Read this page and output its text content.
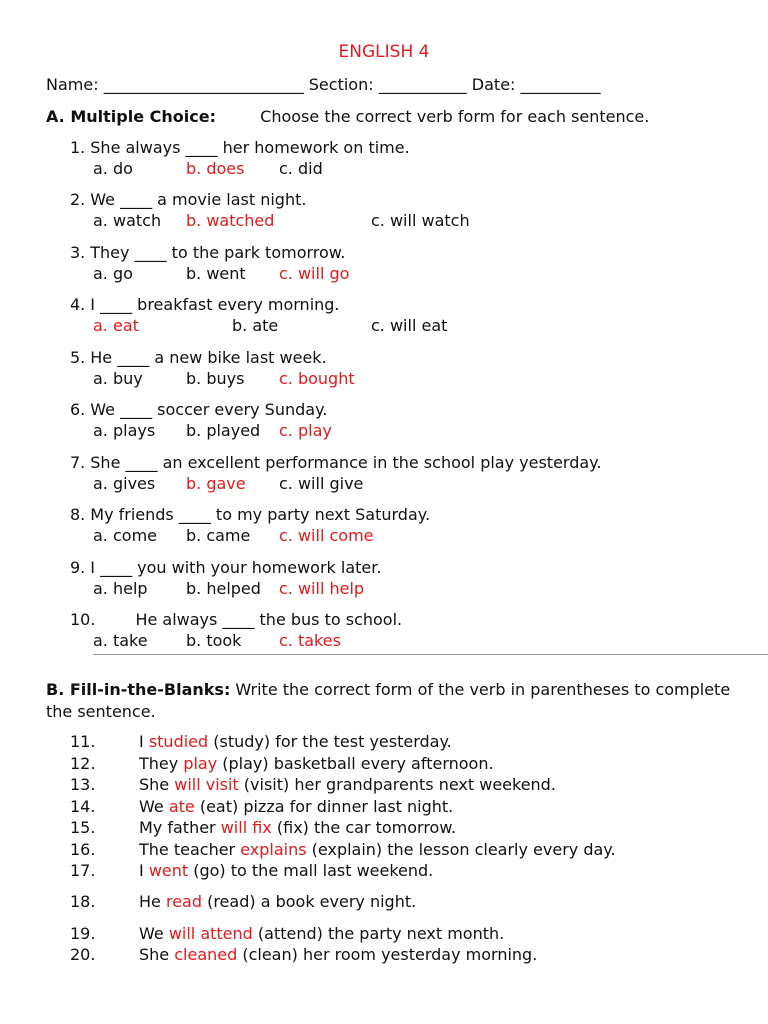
ENGLISH 4
Name: _________________________ Section: ___________ Date: __________
A. Multiple Choice:	Choose the correct verb form for each sentence.
1. She always ____ her homework on time.
a. do	b. does c. did
2. We ____ a movie last night.
a. watch b. watched	c. will watch
3. They ____ to the park tomorrow.
a. go	b. went c. will go
4. I ____ breakfast every morning.
a. eat	b. ate	c. will eat
5. He ____ a new bike last week.
a. buy	b. buys c. bought
6. We ____ soccer every Sunday.
a. plays b. played c. play
7. She ____ an excellent performance in the school play yesterday.
a. gives b. gave c. will give
8. My friends ____ to my party next Saturday.
a. come b. came c. will come
9. I ____ you with your homework later.
a. help b. helped c. will help
10.	He always ____ the bus to school.
a. take b. took c. takes
B. Fill-in-the-Blanks: Write the correct form of the verb in parentheses to complete the sentence.
11.	I studied (study) for the test yesterday.
12.	They play (play) basketball every afternoon.
13.	She will visit (visit) her grandparents next weekend.
14.	We ate (eat) pizza for dinner last night.
15.	My father will fix (fix) the car tomorrow.
16.	The teacher explains (explain) the lesson clearly every day.
17.	I went (go) to the mall last weekend.
18.	He read (read) a book every night.
19.	We will attend (attend) the party next month.
20.	She cleaned (clean) her room yesterday morning.
